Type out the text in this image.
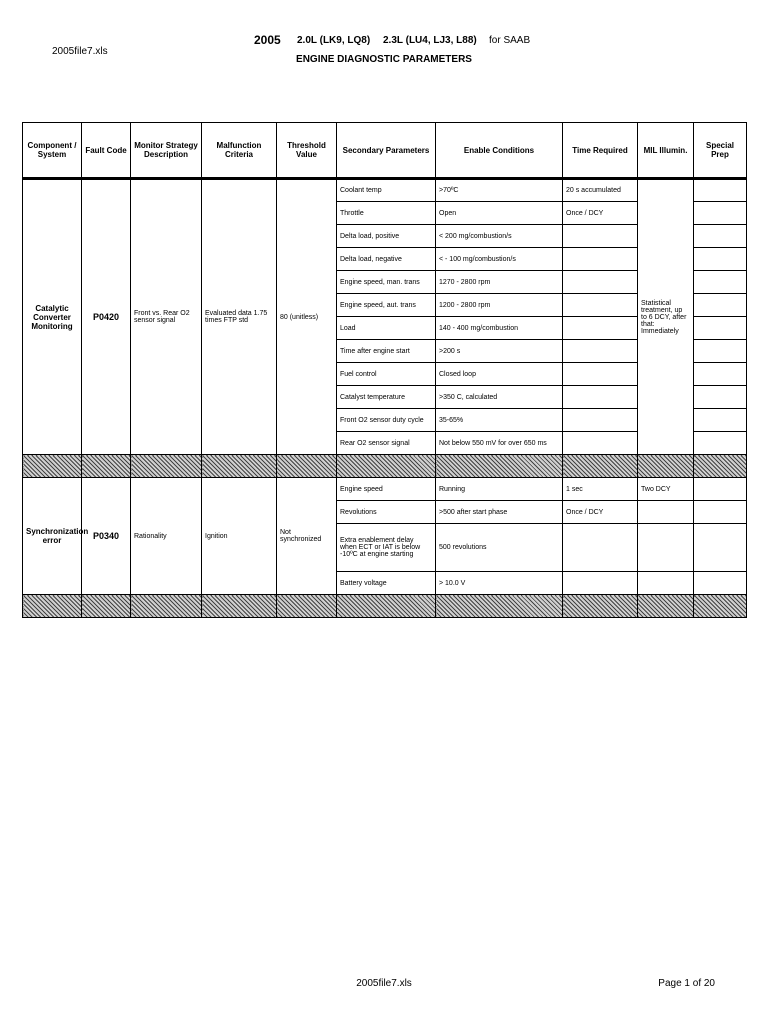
2005file7.xls
2005 2.0L (LK9, LQ8) 2.3L (LU4, LJ3, L88) for SAAB
ENGINE DIAGNOSTIC PARAMETERS
Component / System	Fault Code	Monitor Strategy Description	Malfunction Criteria	Threshold Value	Secondary Parameters	Enable Conditions	Time Required	MIL Illumin.	Special Prep
Catalytic Converter Monitoring	P0420	Front vs. Rear O2 sensor signal	Evaluated data 1.75 times FTP std	80 (unitless)	Coolant temp	>70ºC	20 s accumulated	Statistical treatment, up to 6 DCY, after that: Immediately	
					Throttle	Open	Once / DCY		
					Delta load, positive	< 200 mg/combustion/s			
					Delta load, negative	< - 100 mg/combustion/s			
					Engine speed, man. trans	1270 - 2800 rpm			
					Engine speed, aut. trans	1200 - 2800 rpm			
					Load	140 - 400 mg/combustion			
					Time after engine start	>200 s			
					Fuel control	Closed loop			
					Catalyst temperature	>350 C, calculated			
					Front O2 sensor duty cycle	35-65%			
					Rear O2 sensor signal	Not below 550 mV for over 650 ms			

Synchronization error	P0340	Rationality	Ignition	Not synchronized	Engine speed	Running	1 sec	Two DCY	
					Revolutions	>500 after start phase	Once / DCY		
					Extra enablement delay when ECT or IAT is below -10ºC at engine starting	500 revolutions			
					Battery voltage	> 10.0 V			

2005file7.xls	Page 1 of 20
